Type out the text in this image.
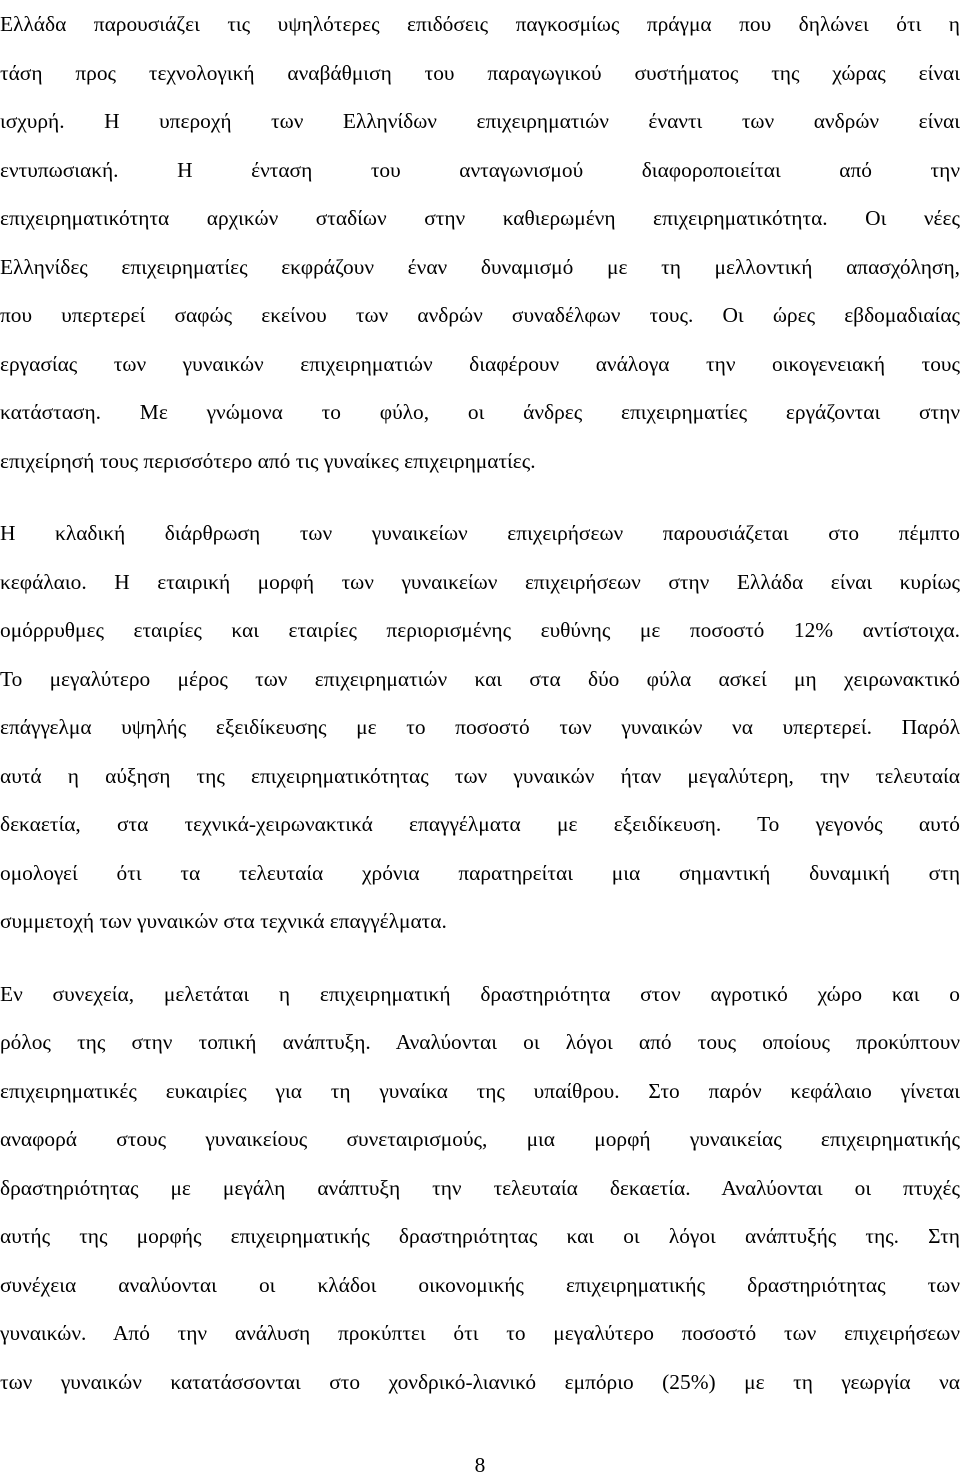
Ελλάδα παρουσιάζει τις υψηλότερες επιδόσεις παγκοσμίως πράγμα που δηλώνει ότι η
τάση προς τεχνολογική αναβάθμιση του παραγωγικού συστήματος της χώρας είναι
ισχυρή. Η υπεροχή των Ελληνίδων επιχειρηματιών έναντι των ανδρών είναι
εντυπωσιακή. Η ένταση του ανταγωνισμού διαφοροποιείται από την
επιχειρηματικότητα αρχικών σταδίων στην καθιερωμένη επιχειρηματικότητα. Οι νέες
Ελληνίδες επιχειρηματίες εκφράζουν έναν δυναμισμό με τη μελλοντική απασχόληση,
που υπερτερεί σαφώς εκείνου των ανδρών συναδέλφων τους. Οι ώρες εβδομαδιαίας
εργασίας των γυναικών επιχειρηματιών διαφέρουν ανάλογα την οικογενειακή τους
κατάσταση. Με γνώμονα το φύλο, οι άνδρες επιχειρηματίες εργάζονται στην
επιχείρησή τους περισσότερο από τις γυναίκες επιχειρηματίες.
Η κλαδική διάρθρωση των γυναικείων επιχειρήσεων παρουσιάζεται στο πέμπτο
κεφάλαιο. Η εταιρική μορφή των γυναικείων επιχειρήσεων στην Ελλάδα είναι κυρίως
ομόρρυθμες εταιρίες και εταιρίες περιορισμένης ευθύνης με ποσοστό 12% αντίστοιχα.
Το μεγαλύτερο μέρος των επιχειρηματιών και στα δύο φύλα ασκεί μη χειρωνακτικό
επάγγελμα υψηλής εξειδίκευσης με το ποσοστό των γυναικών να υπερτερεί. Παρόλ
αυτά η αύξηση της επιχειρηματικότητας των γυναικών ήταν μεγαλύτερη, την τελευταία
δεκαετία, στα τεχνικά-χειρωνακτικά επαγγέλματα με εξειδίκευση. Το γεγονός αυτό
ομολογεί ότι τα τελευταία χρόνια παρατηρείται μια σημαντική δυναμική στη
συμμετοχή των γυναικών στα τεχνικά επαγγέλματα.
Εν συνεχεία, μελετάται η επιχειρηματική δραστηριότητα στον αγροτικό χώρο και ο
ρόλος της στην τοπική ανάπτυξη. Αναλύονται οι λόγοι από τους οποίους προκύπτουν
επιχειρηματικές ευκαιρίες για τη γυναίκα της υπαίθρου. Στο παρόν κεφάλαιο γίνεται
αναφορά στους γυναικείους συνεταιρισμούς, μια μορφή γυναικείας επιχειρηματικής
δραστηριότητας με μεγάλη ανάπτυξη την τελευταία δεκαετία. Αναλύονται οι πτυχές
αυτής της μορφής επιχειρηματικής δραστηριότητας και οι λόγοι ανάπτυξής της. Στη
συνέχεια αναλύονται οι κλάδοι οικονομικής επιχειρηματικής δραστηριότητας των
γυναικών. Από την ανάλυση προκύπτει ότι το μεγαλύτερο ποσοστό των επιχειρήσεων
των γυναικών κατατάσσονται στο χονδρικό-λιανικό εμπόριο (25%) με τη γεωργία να
8
